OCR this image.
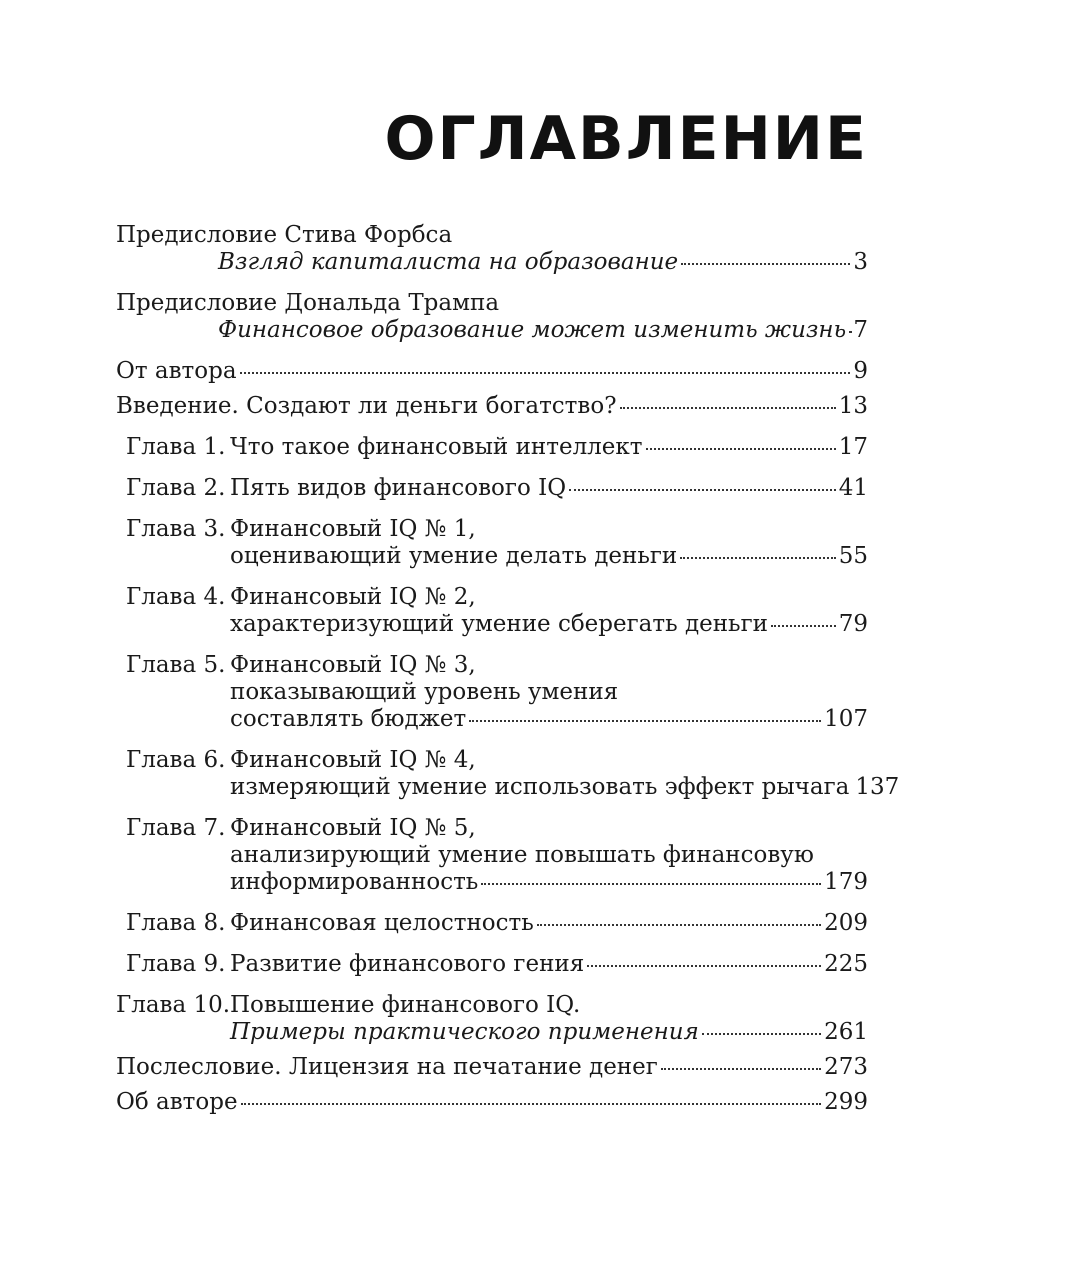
ОГЛАВЛЕНИЕ
Предисловие Стива Форбса
Взгляд капиталиста на образование	3
Предисловие Дональда Трампа
Финансовое образование может изменить жизнь 7
От автора	9
Введение. Создают ли деньги богатство?	13
Глава 1. Что такое финансовый интеллект	17
Глава 2. Пять видов финансового IQ	41
Глава 3. Финансовый IQ № 1,
оценивающий умение делать деньги	55
Глава 4. Финансовый IQ № 2,
характеризующий умение сберегать деньги	79
Глава 5. Финансовый IQ № 3,
показывающий уровень умения
составлять бюджет	107
Глава 6. Финансовый IQ № 4,
измеряющий умение использовать эффект рычага 137
Глава 7. Финансовый IQ № 5,
анализирующий умение повышать финансовую
информированность	179
Глава 8. Финансовая целостность	209
Глава 9. Развитие финансового гения	225
Глава 10. Повышение финансового IQ.
Примеры практического применения	261
Послесловие. Лицензия на печатание денег	273
Об авторе	299
